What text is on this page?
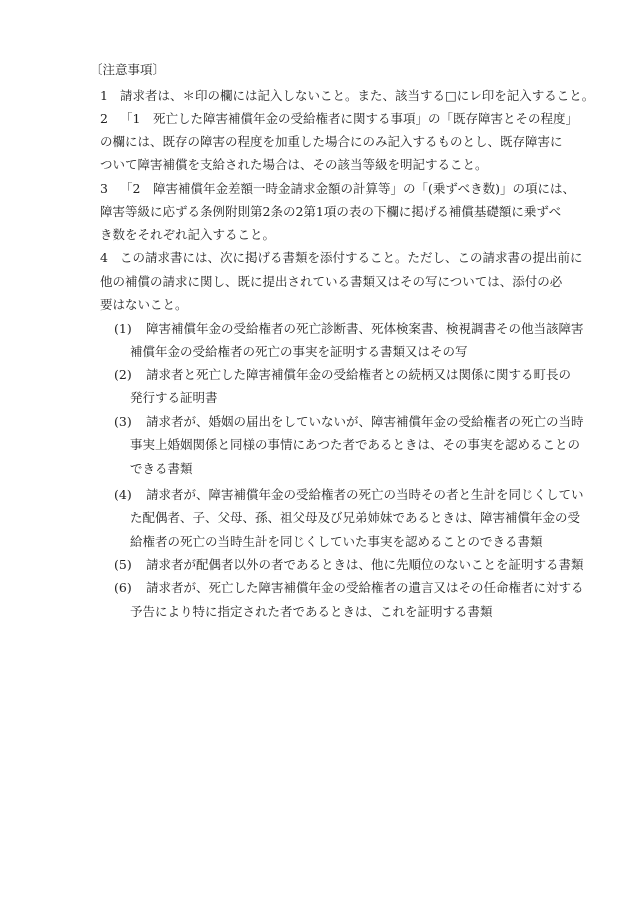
〔注意事項〕
1 請求者は、＊印の欄には記入しないこと。また、該当する□にレ印を記入すること。
2 「1　死亡した障害補償年金の受給権者に関する事項」の「既存障害とその程度」
の欄には、既存の障害の程度を加重した場合にのみ記入するものとし、既存障害に
ついて障害補償を支給された場合は、その該当等級を明記すること。
3 「2　障害補償年金差額一時金請求金額の計算等」の「(乗ずべき数)」の項には、
障害等級に応ずる条例附則第2条の2第1項の表の下欄に掲げる補償基礎額に乗ずべ
き数をそれぞれ記入すること。
4 この請求書には、次に掲げる書類を添付すること。ただし、この請求書の提出前に
他の補償の請求に関し、既に提出されている書類又はその写については、添付の必
要はないこと。
(1) 障害補償年金の受給権者の死亡診断書、死体検案書、検視調書その他当該障害
補償年金の受給権者の死亡の事実を証明する書類又はその写
(2) 請求者と死亡した障害補償年金の受給権者との続柄又は関係に関する町長の
発行する証明書
(3) 請求者が、婚姻の届出をしていないが、障害補償年金の受給権者の死亡の当時
事実上婚姻関係と同様の事情にあつた者であるときは、その事実を認めることの
できる書類
(4) 請求者が、障害補償年金の受給権者の死亡の当時その者と生計を同じくしてい
た配偶者、子、父母、孫、祖父母及び兄弟姉妹であるときは、障害補償年金の受
給権者の死亡の当時生計を同じくしていた事実を認めることのできる書類
(5) 請求者が配偶者以外の者であるときは、他に先順位のないことを証明する書類
(6) 請求者が、死亡した障害補償年金の受給権者の遺言又はその任命権者に対する
予告により特に指定された者であるときは、これを証明する書類
